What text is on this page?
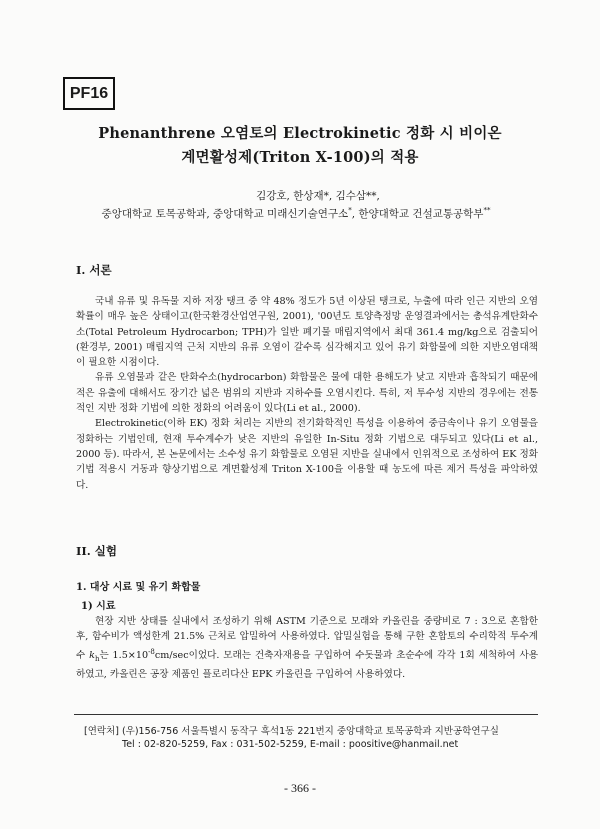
PF16
Phenanthrene 오염토의 Electrokinetic 정화 시 비이온
계면활성제(Triton X-100)의 적용
김강호, 한상재*, 김수삼**,
중앙대학교 토목공학과, 중앙대학교 미래신기술연구소*, 한양대학교 건설교통공학부**
I. 서론

국내 유류 및 유독물 지하 저장 탱크 중 약 48% 정도가 5년 이상된 탱크로, 누출에 따라 인근 지반의 오염 확률이 매우 높은 상태이고(한국환경산업연구원, 2001), '00년도 토양측정망 운영결과에서는 총석유계탄화수소(Total Petroleum Hydrocarbon; TPH)가 일반 폐기물 매립지역에서 최대 361.4 mg/kg으로 검출되어(환경부, 2001) 매립지역 근처 지반의 유류 오염이 갈수록 심각해지고 있어 유기 화합물에 의한 지반오염대책이 필요한 시점이다.

유류 오염물과 같은 탄화수소(hydrocarbon) 화합물은 물에 대한 용해도가 낮고 지반과 흡착되기 때문에 적은 유출에 대해서도 장기간 넓은 범위의 지반과 지하수를 오염시킨다. 특히, 저 투수성 지반의 경우에는 전통적인 지반 정화 기법에 의한 정화의 어려움이 있다(Li et al., 2000).

Electrokinetic(이하 EK) 정화 처리는 지반의 전기화학적인 특성을 이용하여 중금속이나 유기 오염물을 정화하는 기법인데, 현재 투수계수가 낮은 지반의 유일한 In-Situ 정화 기법으로 대두되고 있다(Li et al., 2000 등). 따라서, 본 논문에서는 소수성 유기 화합물로 오염된 지반을 실내에서 인위적으로 조성하여 EK 정화 기법 적용시 거동과 향상기법으로 계면활성제 Triton X-100을 이용할 때 농도에 따른 제거 특성을 파악하였다.

II. 실험
1. 대상 시료 및 유기 화합물
1) 시료

현장 지반 상태를 실내에서 조성하기 위해 ASTM 기준으로 모래와 카올린을 중량비로 7 : 3으로 혼합한 후, 함수비가 액성한계 21.5% 근처로 압밀하여 사용하였다. 압밀실험을 통해 구한 혼합토의 수리학적 투수계수 $k_h$는 $1.5\times 10^{-8}cm/\sec$이었다. 모래는 건축자재용을 구입하여 수돗물과 초순수에 각각 1회 세척하여 사용하였고, 카올린은 공장 제품인 플로리다산 EPK 카올린을 구입하여 사용하였다.

[연락처] (우)156-756 서울특별시 동작구 흑석1동 221번지 중앙대학교 토목공학과 지반공학연구실
Tel : 02-820-5259, Fax : 031-502-5259, E-mail : poositive@hanmail.net
- 366 -
